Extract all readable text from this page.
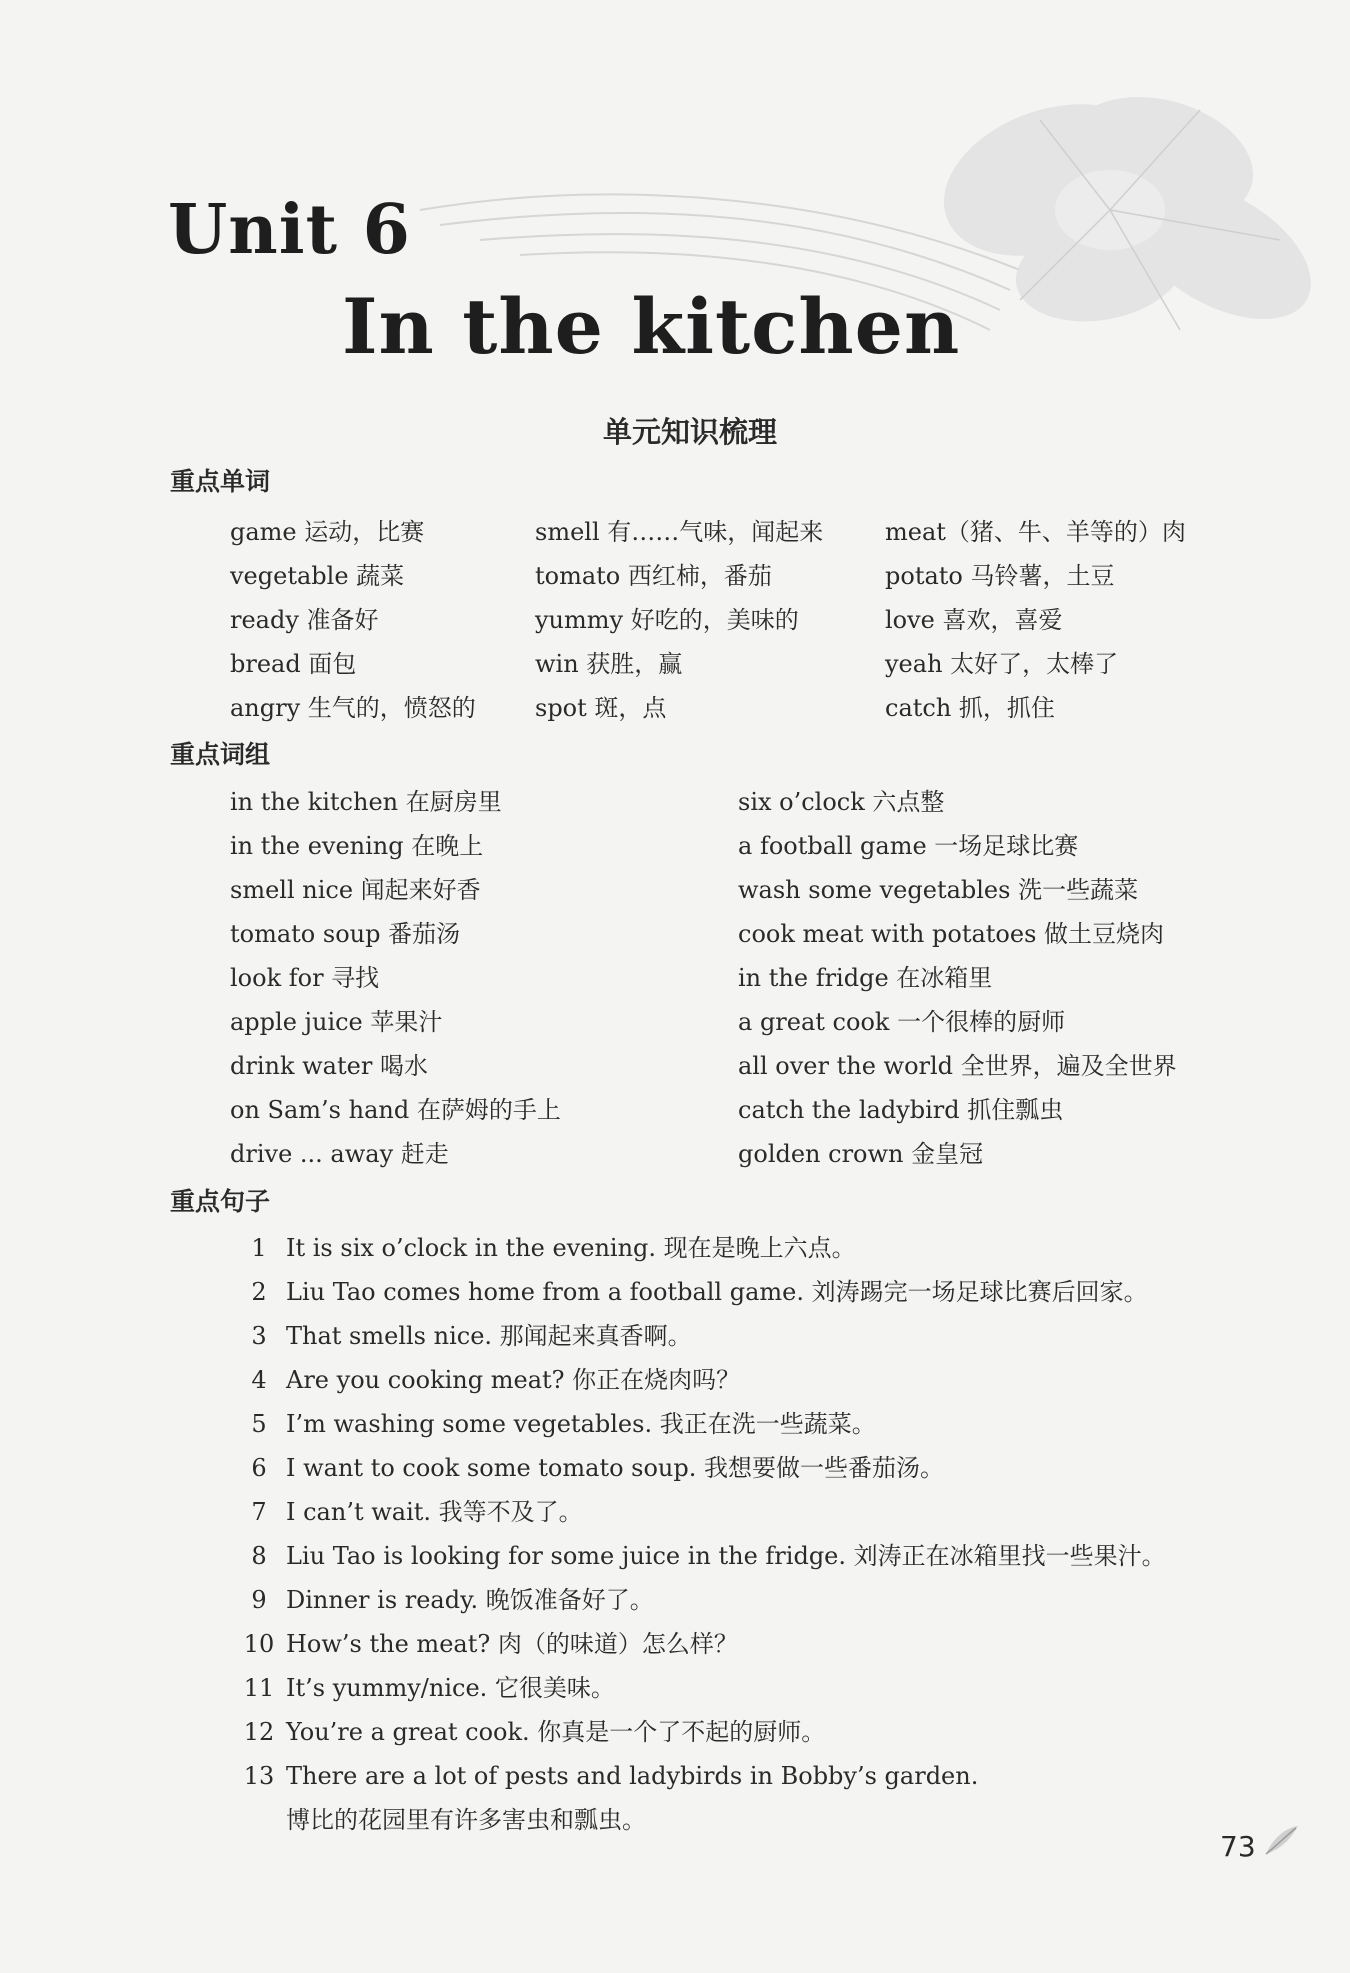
Unit 6
In the kitchen
单元知识梳理
重点单词
game 运动，比赛	smell 有……气味，闻起来	meat（猪、牛、羊等的）肉
vegetable 蔬菜	tomato 西红柿，番茄	potato 马铃薯，土豆
ready 准备好	yummy 好吃的，美味的	love 喜欢，喜爱
bread 面包	win 获胜，赢	yeah 太好了，太棒了
angry 生气的，愤怒的	spot 斑，点	catch 抓，抓住
重点词组
in the kitchen 在厨房里	six o’clock 六点整
in the evening 在晚上	a football game 一场足球比赛
smell nice 闻起来好香	wash some vegetables 洗一些蔬菜
tomato soup 番茄汤	cook meat with potatoes 做土豆烧肉
look for 寻找	in the fridge 在冰箱里
apple juice 苹果汁	a great cook 一个很棒的厨师
drink water 喝水	all over the world 全世界，遍及全世界
on Sam’s hand 在萨姆的手上	catch the ladybird 抓住瓢虫
drive ... away 赶走	golden crown 金皇冠
重点句子
1 It is six o’clock in the evening. 现在是晚上六点。
2 Liu Tao comes home from a football game. 刘涛踢完一场足球比赛后回家。
3 That smells nice. 那闻起来真香啊。
4 Are you cooking meat? 你正在烧肉吗？
5 I’m washing some vegetables. 我正在洗一些蔬菜。
6 I want to cook some tomato soup. 我想要做一些番茄汤。
7 I can’t wait. 我等不及了。
8 Liu Tao is looking for some juice in the fridge. 刘涛正在冰箱里找一些果汁。
9 Dinner is ready. 晚饭准备好了。
10 How’s the meat? 肉（的味道）怎么样？
11 It’s yummy/nice. 它很美味。
12 You’re a great cook. 你真是一个了不起的厨师。
13 There are a lot of pests and ladybirds in Bobby’s garden.
博比的花园里有许多害虫和瓢虫。
73
